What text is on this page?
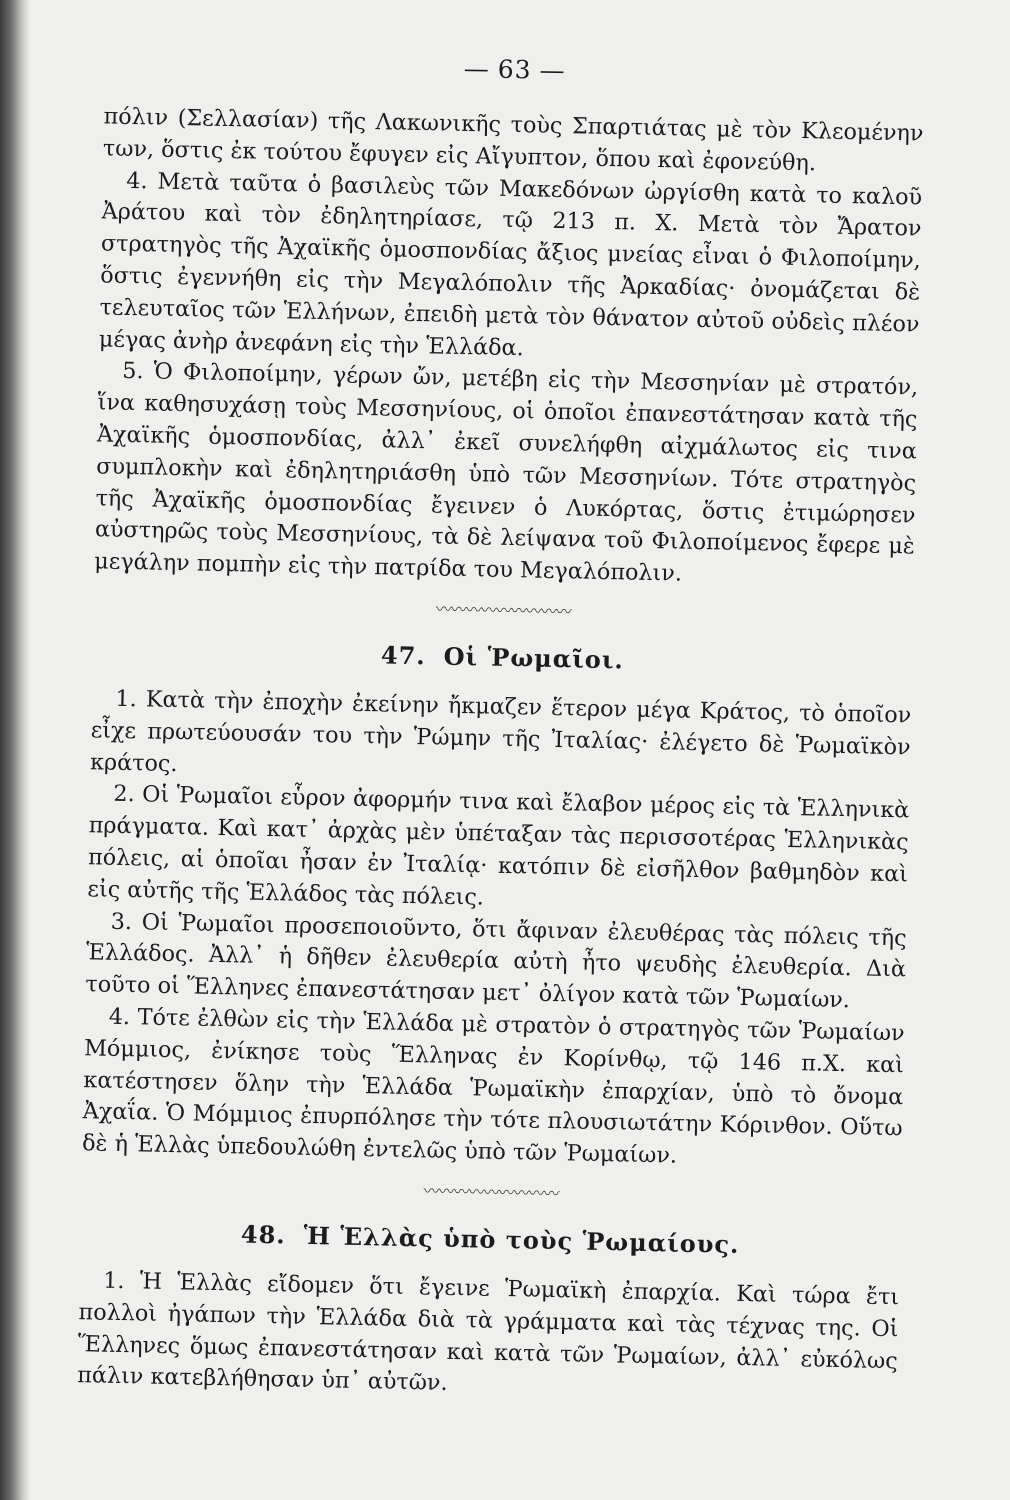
— 63 —

πόλιν (Σελλασίαν) τῆς Λακωνικῆς τοὺς Σπαρτιάτας μὲ τὸν Κλεομένην των, ὅστις ἐκ τούτου ἔφυγεν εἰς Αἴγυπτον, ὅπου καὶ ἐφονεύθη.

4. Μετὰ ταῦτα ὁ βασιλεὺς τῶν Μακεδόνων ὠργίσθη κατὰ το καλοῦ Ἀράτου καὶ τὸν ἐδηλητηρίασε, τῷ 213 π. Χ. Μετὰ τὸν Ἄρατον στρατηγὸς τῆς Ἀχαϊκῆς ὁμοσπονδίας ἄξιος μνείας εἶναι ὁ Φιλοποίμην, ὅστις ἐγεννήθη εἰς τὴν Μεγαλόπολιν τῆς Ἀρκαδίας· ὀνομάζεται δὲ τελευταῖος τῶν Ἑλλήνων, ἐπειδὴ μετὰ τὸν θάνατον αὐτοῦ οὐδεὶς πλέον μέγας ἀνὴρ ἀνεφάνη εἰς τὴν Ἑλλάδα.

5. Ὁ Φιλοποίμην, γέρων ὤν, μετέβη εἰς τὴν Μεσσηνίαν μὲ στρατόν, ἵνα καθησυχάσῃ τοὺς Μεσσηνίους, οἱ ὁποῖοι ἐπανεστάτησαν κατὰ τῆς Ἀχαϊκῆς ὁμοσπονδίας, ἀλλ᾿ ἐκεῖ συνελήφθη αἰχμάλωτος εἰς τινα συμπλοκὴν καὶ ἐδηλητηριάσθη ὑπὸ τῶν Μεσσηνίων. Τότε στρατηγὸς τῆς Ἀχαϊκῆς ὁμοσπονδίας ἔγεινεν ὁ Λυκόρτας, ὅστις ἐτιμώρησεν αὐστηρῶς τοὺς Μεσσηνίους, τὰ δὲ λείψανα τοῦ Φιλοποίμενος ἔφερε μὲ μεγάλην πομπὴν εἰς τὴν πατρίδα του Μεγαλόπολιν.

〰〰〰〰〰〰〰〰〰
47. Οἱ Ῥωμαῖοι.

1. Κατὰ τὴν ἐποχὴν ἐκείνην ἤκμαζεν ἕτερον μέγα Κράτος, τὸ ὁποῖον εἶχε πρωτεύουσάν του τὴν Ῥώμην τῆς Ἰταλίας· ἐλέγετο δὲ Ῥωμαϊκὸν κράτος.

2. Οἱ Ῥωμαῖοι εὗρον ἀφορμήν τινα καὶ ἔλαβον μέρος εἰς τὰ Ἑλληνικὰ πράγματα. Καὶ κατ᾿ ἀρχὰς μὲν ὑπέταξαν τὰς περισσοτέρας Ἑλληνικὰς πόλεις, αἱ ὁποῖαι ἦσαν ἐν Ἰταλίᾳ· κατόπιν δὲ εἰσῆλθον βαθμηδὸν καὶ εἰς αὐτῆς τῆς Ἑλλάδος τὰς πόλεις.

3. Οἱ Ῥωμαῖοι προσεποιοῦντο, ὅτι ἄφιναν ἐλευθέρας τὰς πόλεις τῆς Ἑλλάδος. Ἀλλ᾿ ἡ δῆθεν ἐλευθερία αὐτὴ ἦτο ψευδὴς ἐλευθερία. Διὰ τοῦτο οἱ Ἕλληνες ἐπανεστάτησαν μετ᾿ ὀλίγον κατὰ τῶν Ῥωμαίων.

4. Τότε ἐλθὼν εἰς τὴν Ἑλλάδα μὲ στρατὸν ὁ στρατηγὸς τῶν Ῥωμαίων Μόμμιος, ἐνίκησε τοὺς Ἕλληνας ἐν Κορίνθῳ, τῷ 146 π.Χ. καὶ κατέστησεν ὅλην τὴν Ἑλλάδα Ῥωμαϊκὴν ἐπαρχίαν, ὑπὸ τὸ ὄνομα Ἀχαΐα. Ὁ Μόμμιος ἐπυρπόλησε τὴν τότε πλουσιωτάτην Κόρινθον. Οὕτω δὲ ἡ Ἑλλὰς ὑπεδουλώθη ἐντελῶς ὑπὸ τῶν Ῥωμαίων.

〰〰〰〰〰〰〰〰〰
48. Ἡ Ἑλλὰς ὑπὸ τοὺς Ῥωμαίους.

1. Ἡ Ἑλλὰς εἴδομεν ὅτι ἔγεινε Ῥωμαϊκὴ ἐπαρχία. Καὶ τώρα ἔτι πολλοὶ ἠγάπων τὴν Ἑλλάδα διὰ τὰ γράμματα καὶ τὰς τέχνας της. Οἱ Ἕλληνες ὅμως ἐπανεστάτησαν καὶ κατὰ τῶν Ῥωμαίων, ἀλλ᾿ εὐκόλως πάλιν κατεβλήθησαν ὑπ᾿ αὐτῶν.
